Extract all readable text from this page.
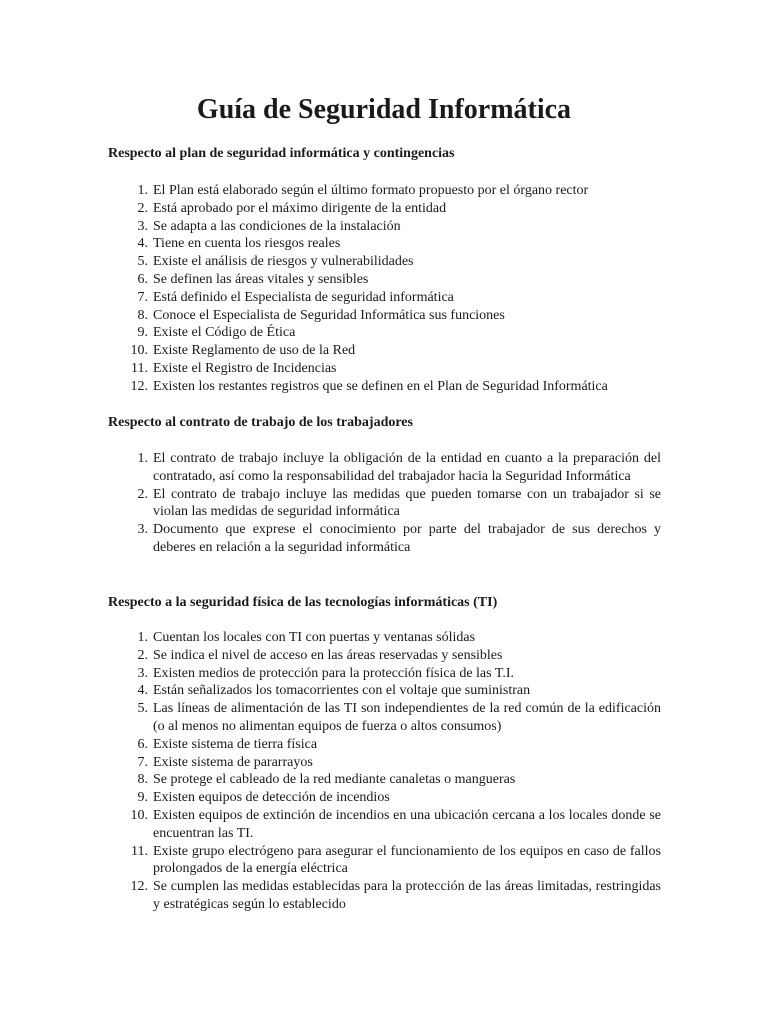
Guía de Seguridad Informática

Respecto al plan de seguridad informática y contingencias

1. El Plan está elaborado según el último formato propuesto por el órgano rector
2. Está aprobado por el máximo dirigente de la entidad
3. Se adapta a las condiciones de la instalación
4. Tiene en cuenta los riesgos reales
5. Existe el análisis de riesgos y vulnerabilidades
6. Se definen las áreas vitales y sensibles
7. Está definido el Especialista de seguridad informática
8. Conoce el Especialista de Seguridad Informática sus funciones
9. Existe el Código de Ética
10. Existe Reglamento de uso de la Red
11. Existe el Registro de Incidencias
12. Existen los restantes registros que se definen en el Plan de Seguridad Informática

Respecto al contrato de trabajo de los trabajadores

1. El contrato de trabajo incluye la obligación de la entidad en cuanto a la preparación del contratado, así como la responsabilidad del trabajador hacia la Seguridad Informática
2. El contrato de trabajo incluye las medidas que pueden tomarse con un trabajador si se violan las medidas de seguridad informática
3. Documento que exprese el conocimiento por parte del trabajador de sus derechos y deberes en relación a la seguridad informática

Respecto a la seguridad física de las tecnologías informáticas (TI)

1. Cuentan los locales con TI con puertas y ventanas sólidas
2. Se indica el nivel de acceso en las áreas reservadas y sensibles
3. Existen medios de protección para la protección física de las T.I.
4. Están señalizados los tomacorrientes con el voltaje que suministran
5. Las líneas de alimentación de las TI son independientes de la red común de la edificación (o al menos no alimentan equipos de fuerza o altos consumos)
6. Existe sistema de tierra física
7. Existe sistema de pararrayos
8. Se protege el cableado de la red mediante canaletas o mangueras
9. Existen equipos de detección de incendios
10. Existen equipos de extinción de incendios en una ubicación cercana a los locales donde se encuentran las TI.
11. Existe grupo electrógeno para asegurar el funcionamiento de los equipos en caso de fallos prolongados de la energía eléctrica
12. Se cumplen las medidas establecidas para la protección de las áreas limitadas, restringidas y estratégicas según lo establecido
